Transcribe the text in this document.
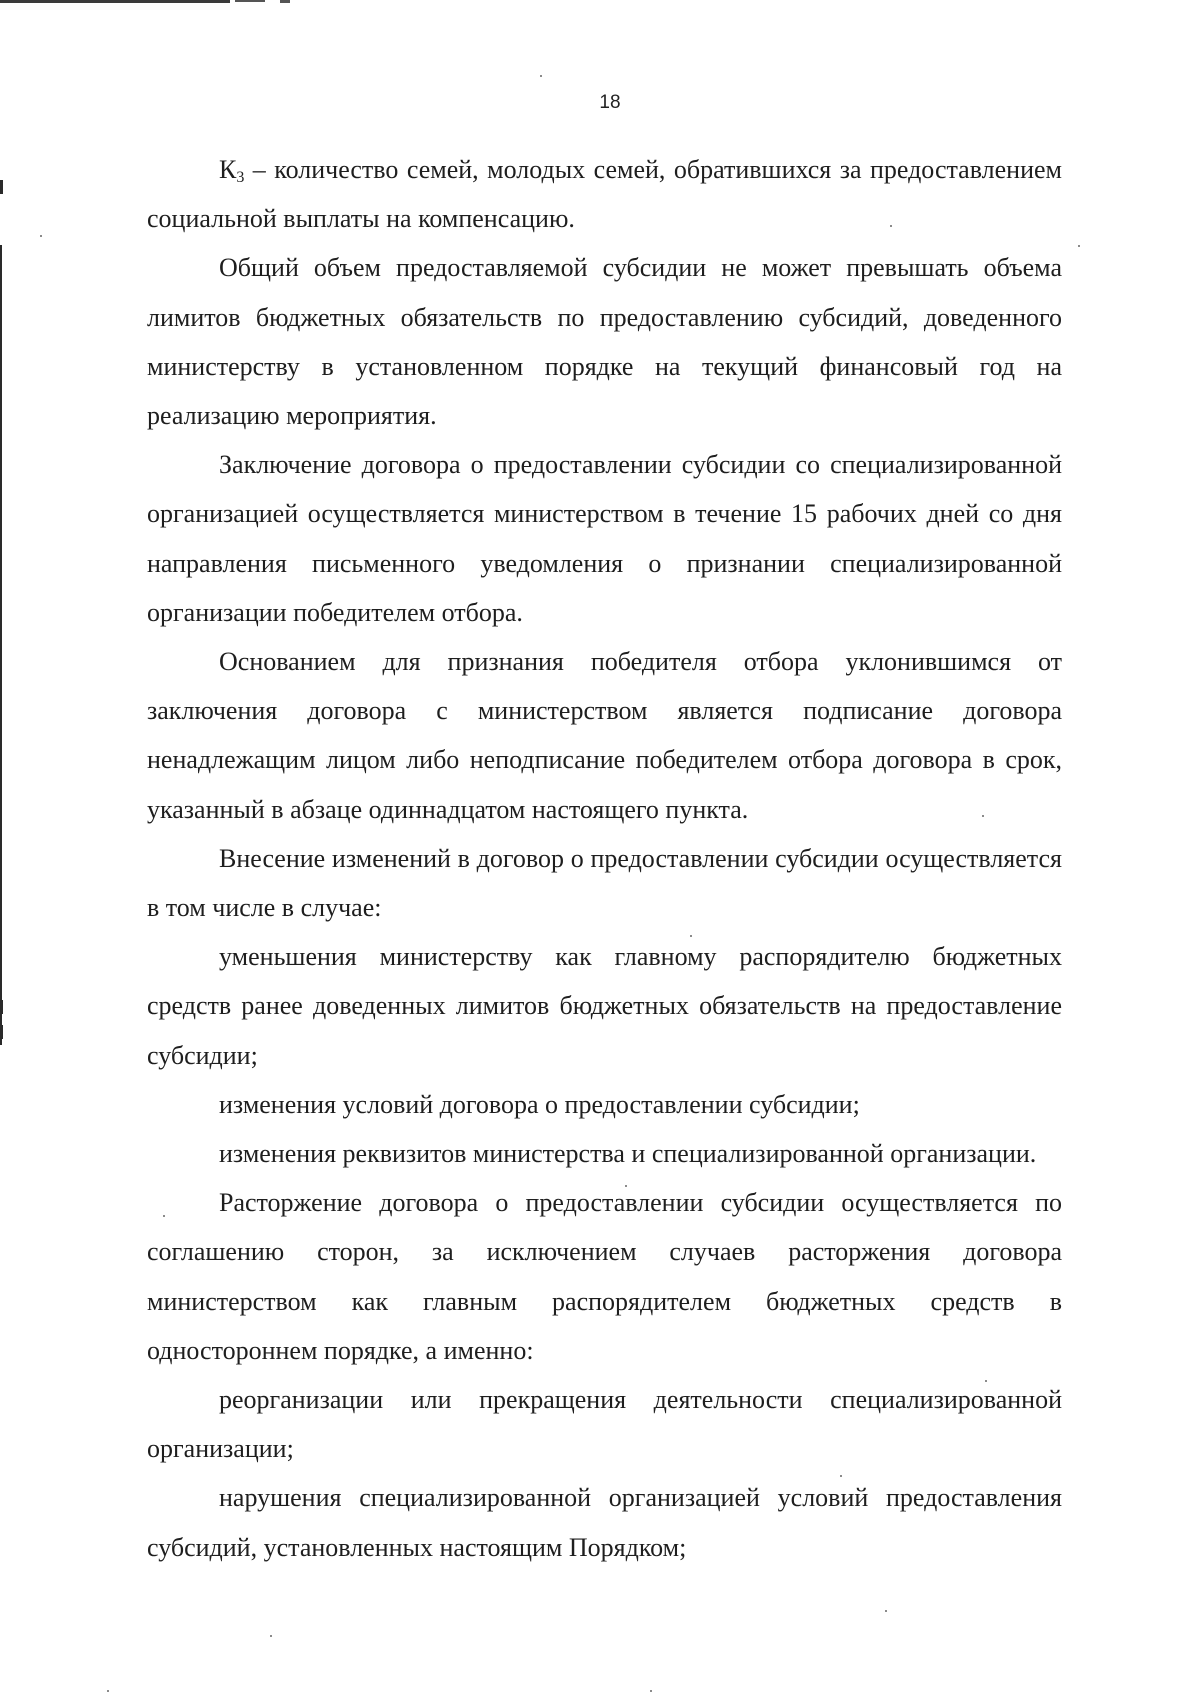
18

$К_3$ – количество семей, молодых семей, обратившихся за предоставлением социальной выплаты на компенсацию.

Общий объем предоставляемой субсидии не может превышать объема лимитов бюджетных обязательств по предоставлению субсидий, доведенного министерству в установленном порядке на текущий финансовый год на реализацию мероприятия.

Заключение договора о предоставлении субсидии со специализированной организацией осуществляется министерством в течение 15 рабочих дней со дня направления письменного уведомления о признании специализированной организации победителем отбора.

Основанием для признания победителя отбора уклонившимся от заключения договора с министерством является подписание договора ненадлежащим лицом либо неподписание победителем отбора договора в срок, указанный в абзаце одиннадцатом настоящего пункта.

Внесение изменений в договор о предоставлении субсидии осуществляется в том числе в случае:

уменьшения министерству как главному распорядителю бюджетных средств ранее доведенных лимитов бюджетных обязательств на предоставление субсидии;

изменения условий договора о предоставлении субсидии;

изменения реквизитов министерства и специализированной организации.

Расторжение договора о предоставлении субсидии осуществляется по соглашению сторон, за исключением случаев расторжения договора министерством как главным распорядителем бюджетных средств в одностороннем порядке, а именно:

реорганизации или прекращения деятельности специализированной организации;

нарушения специализированной организацией условий предоставления субсидий, установленных настоящим Порядком;
